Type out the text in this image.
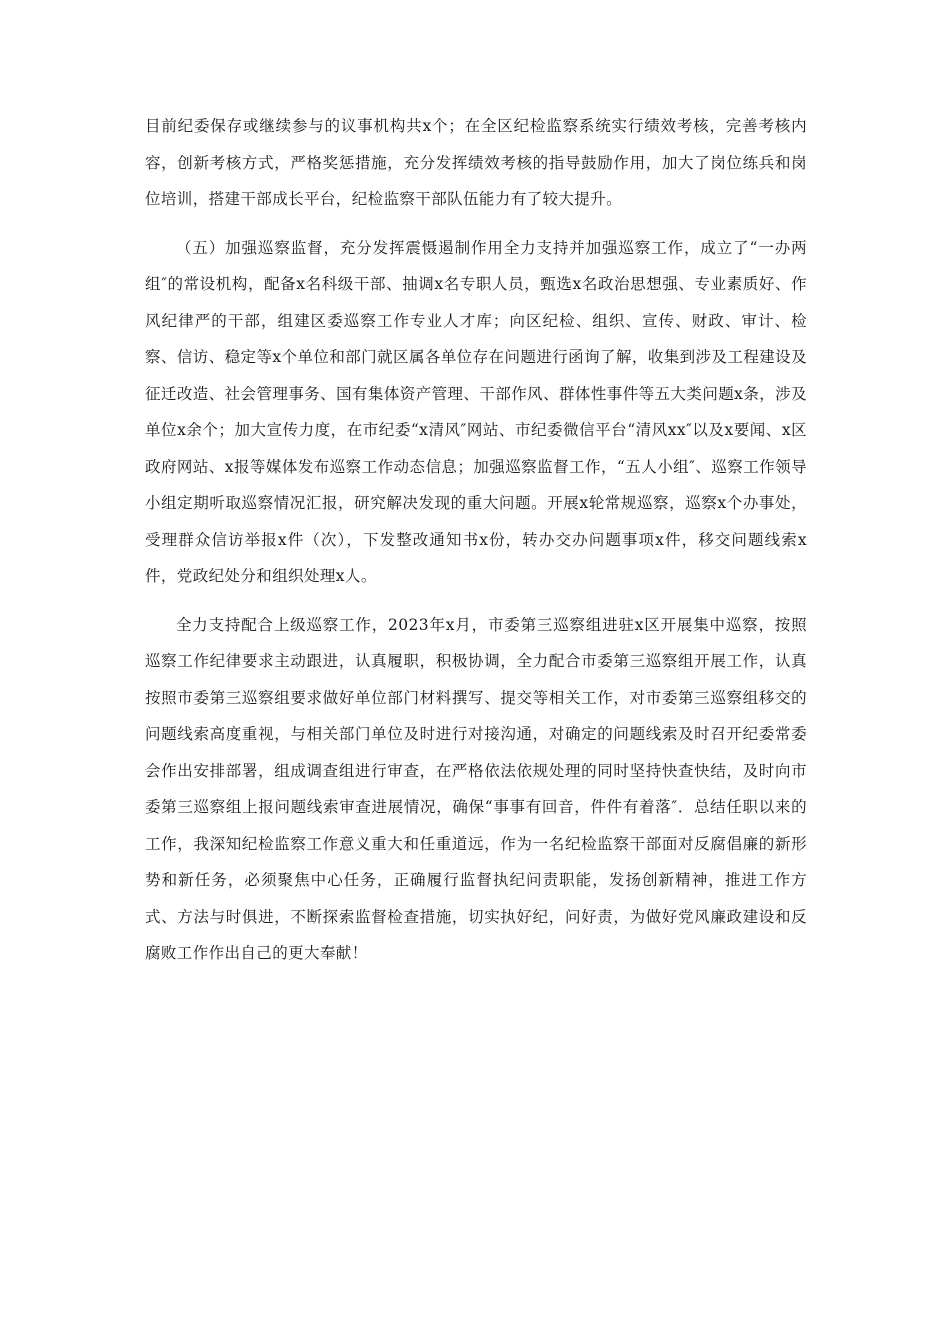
目前纪委保存或继续参与的议事机构共x个；在全区纪检监察系统实行绩效考核，完善考核内容，创新考核方式，严格奖惩措施，充分发挥绩效考核的指导鼓励作用，加大了岗位练兵和岗位培训，搭建干部成长平台，纪检监察干部队伍能力有了较大提升。

（五）加强巡察监督，充分发挥震慑遏制作用全力支持并加强巡察工作，成立了“一办两组″的常设机构，配备x名科级干部、抽调x名专职人员，甄选x名政治思想强、专业素质好、作风纪律严的干部，组建区委巡察工作专业人才库；向区纪检、组织、宣传、财政、审计、检察、信访、稳定等x个单位和部门就区属各单位存在问题进行函询了解，收集到涉及工程建设及征迁改造、社会管理事务、国有集体资产管理、干部作风、群体性事件等五大类问题x条，涉及单位x余个；加大宣传力度，在市纪委“x清风″网站、市纪委微信平台“清风xx″以及x要闻、x区政府网站、x报等媒体发布巡察工作动态信息；加强巡察监督工作，“五人小组″、巡察工作领导小组定期听取巡察情况汇报，研究解决发现的重大问题。开展x轮常规巡察，巡察x个办事处，受理群众信访举报x件（次），下发整改通知书x份，转办交办问题事项x件，移交问题线索x件，党政纪处分和组织处理x人。

全力支持配合上级巡察工作，2023年x月，市委第三巡察组进驻x区开展集中巡察，按照巡察工作纪律要求主动跟进，认真履职，积极协调，全力配合市委第三巡察组开展工作，认真按照市委第三巡察组要求做好单位部门材料撰写、提交等相关工作，对市委第三巡察组移交的问题线索高度重视，与相关部门单位及时进行对接沟通，对确定的问题线索及时召开纪委常委会作出安排部署，组成调查组进行审查，在严格依法依规处理的同时坚持快查快结，及时向市委第三巡察组上报问题线索审查进展情况，确保“事事有回音，件件有着落″．总结任职以来的工作，我深知纪检监察工作意义重大和任重道远，作为一名纪检监察干部面对反腐倡廉的新形势和新任务，必须聚焦中心任务，正确履行监督执纪问责职能，发扬创新精神，推进工作方式、方法与时俱进，不断探索监督检查措施，切实执好纪，问好责，为做好党风廉政建设和反腐败工作作出自己的更大奉献！
